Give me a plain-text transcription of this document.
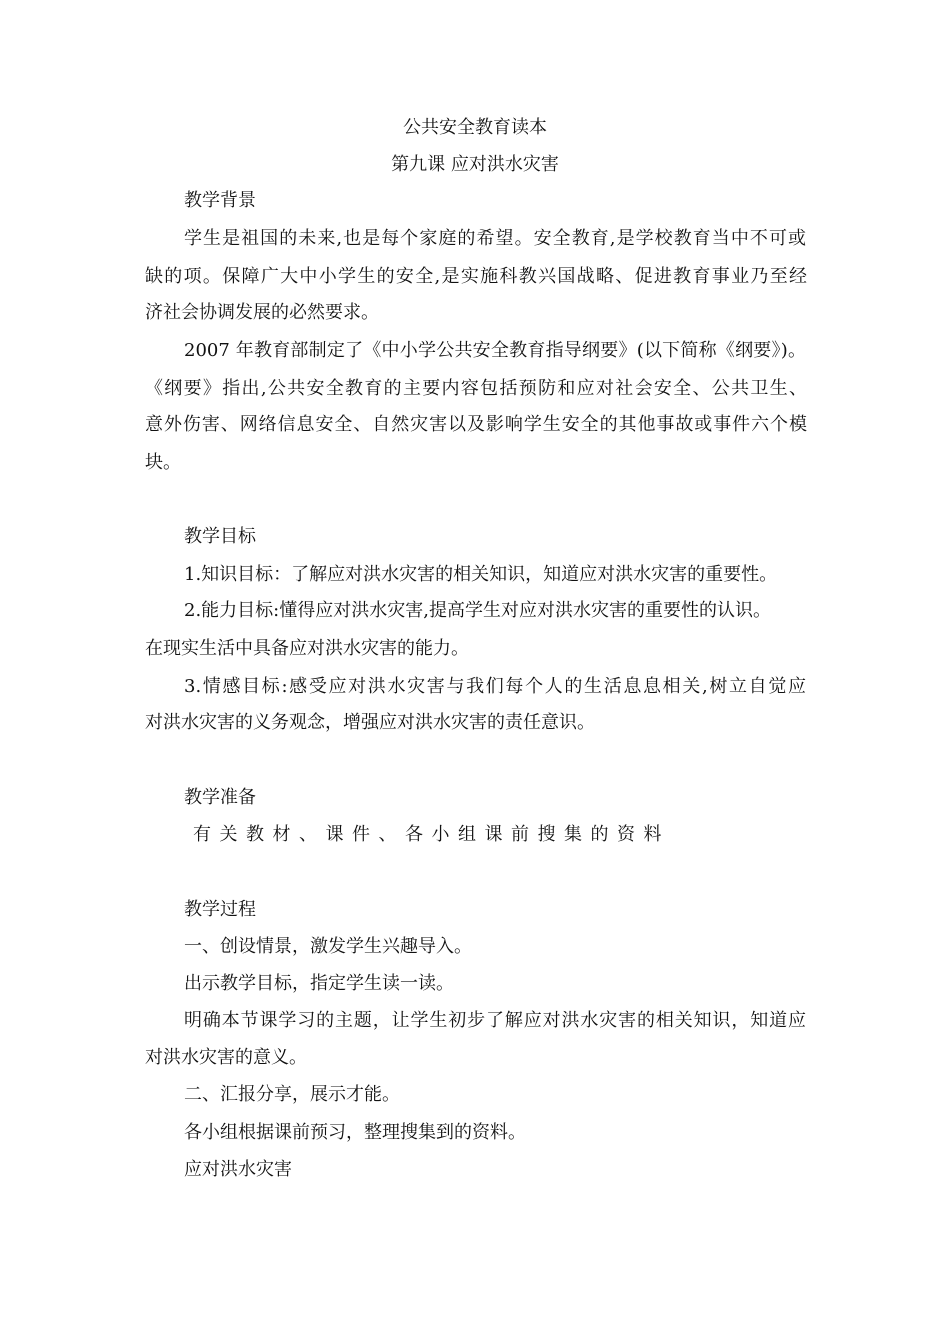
公共安全教育读本
第九课 应对洪水灾害
教学背景
学生是祖国的未来,也是每个家庭的希望。安全教育,是学校教育当中不可或
缺的项。保障广大中小学生的安全,是实施科教兴国战略、促进教育事业乃至经
济社会协调发展的必然要求。
2007 年教育部制定了《中小学公共安全教育指导纲要》(以下简称《纲要》)。
《纲要》指出,公共安全教育的主要内容包括预防和应对社会安全、公共卫生、
意外伤害、网络信息安全、自然灾害以及影响学生安全的其他事故或事件六个模
块。
教学目标
1.知识目标：了解应对洪水灾害的相关知识，知道应对洪水灾害的重要性。
2.能力目标:懂得应对洪水灾害,提高学生对应对洪水灾害的重要性的认识。
在现实生活中具备应对洪水灾害的能力。
3.情感目标:感受应对洪水灾害与我们每个人的生活息息相关,树立自觉应
对洪水灾害的义务观念，增强应对洪水灾害的责任意识。
教学准备
有关教材、课件、各小组课前搜集的资料
教学过程
一、创设情景，激发学生兴趣导入。
出示教学目标，指定学生读一读。
明确本节课学习的主题，让学生初步了解应对洪水灾害的相关知识，知道应
对洪水灾害的意义。
二、汇报分享，展示才能。
各小组根据课前预习，整理搜集到的资料。
应对洪水灾害
